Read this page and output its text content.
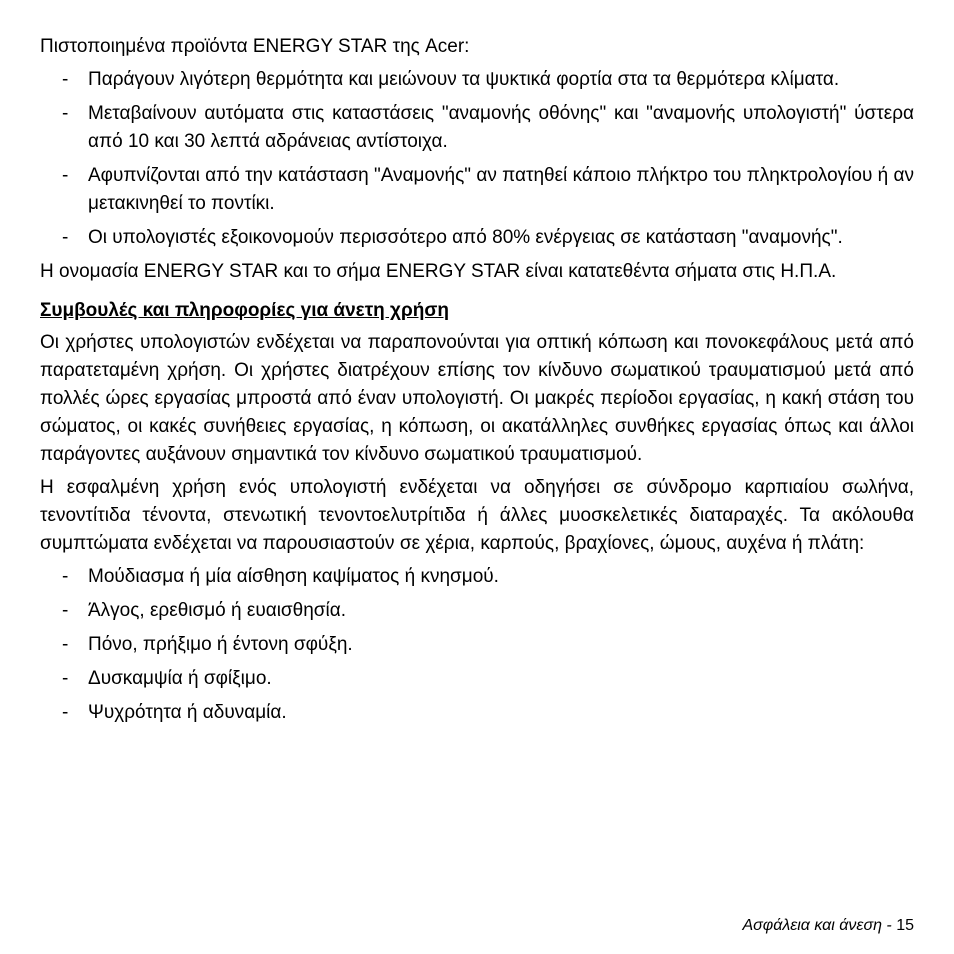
Πιστοποιημένα προϊόντα ENERGY STAR της Acer:

- Παράγουν λιγότερη θερμότητα και μειώνουν τα ψυκτικά φορτία στα τα θερμότερα κλίματα.
- Μεταβαίνουν αυτόματα στις καταστάσεις "αναμονής οθόνης" και "αναμονής υπολογιστή" ύστερα από 10 και 30 λεπτά αδράνειας αντίστοιχα.
- Αφυπνίζονται από την κατάσταση "Αναμονής" αν πατηθεί κάποιο πλήκτρο του πληκτρολογίου ή αν μετακινηθεί το ποντίκι.
- Οι υπολογιστές εξοικονομούν περισσότερο από 80% ενέργειας σε κατάσταση "αναμονής".

Η ονομασία ENERGY STAR και το σήμα ENERGY STAR είναι κατατεθέντα σήματα στις Η.Π.Α.

Συμβουλές και πληροφορίες για άνετη χρήση

Οι χρήστες υπολογιστών ενδέχεται να παραπονούνται για οπτική κόπωση και πονοκεφάλους μετά από παρατεταμένη χρήση. Οι χρήστες διατρέχουν επίσης τον κίνδυνο σωματικού τραυματισμού μετά από πολλές ώρες εργασίας μπροστά από έναν υπολογιστή. Οι μακρές περίοδοι εργασίας, η κακή στάση του σώματος, οι κακές συνήθειες εργασίας, η κόπωση, οι ακατάλληλες συνθήκες εργασίας όπως και άλλοι παράγοντες αυξάνουν σημαντικά τον κίνδυνο σωματικού τραυματισμού.

Η εσφαλμένη χρήση ενός υπολογιστή ενδέχεται να οδηγήσει σε σύνδρομο καρπιαίου σωλήνα, τενοντίτιδα τένοντα, στενωτική τενοντοελυτρίτιδα ή άλλες μυοσκελετικές διαταραχές. Τα ακόλουθα συμπτώματα ενδέχεται να παρουσιαστούν σε χέρια, καρπούς, βραχίονες, ώμους, αυχένα ή πλάτη:

- Μούδιασμα ή μία αίσθηση καψίματος ή κνησμού.
- Άλγος, ερεθισμό ή ευαισθησία.
- Πόνο, πρήξιμο ή έντονη σφύξη.
- Δυσκαμψία ή σφίξιμο.
- Ψυχρότητα ή αδυναμία.
Ασφάλεια και άνεση - 15
